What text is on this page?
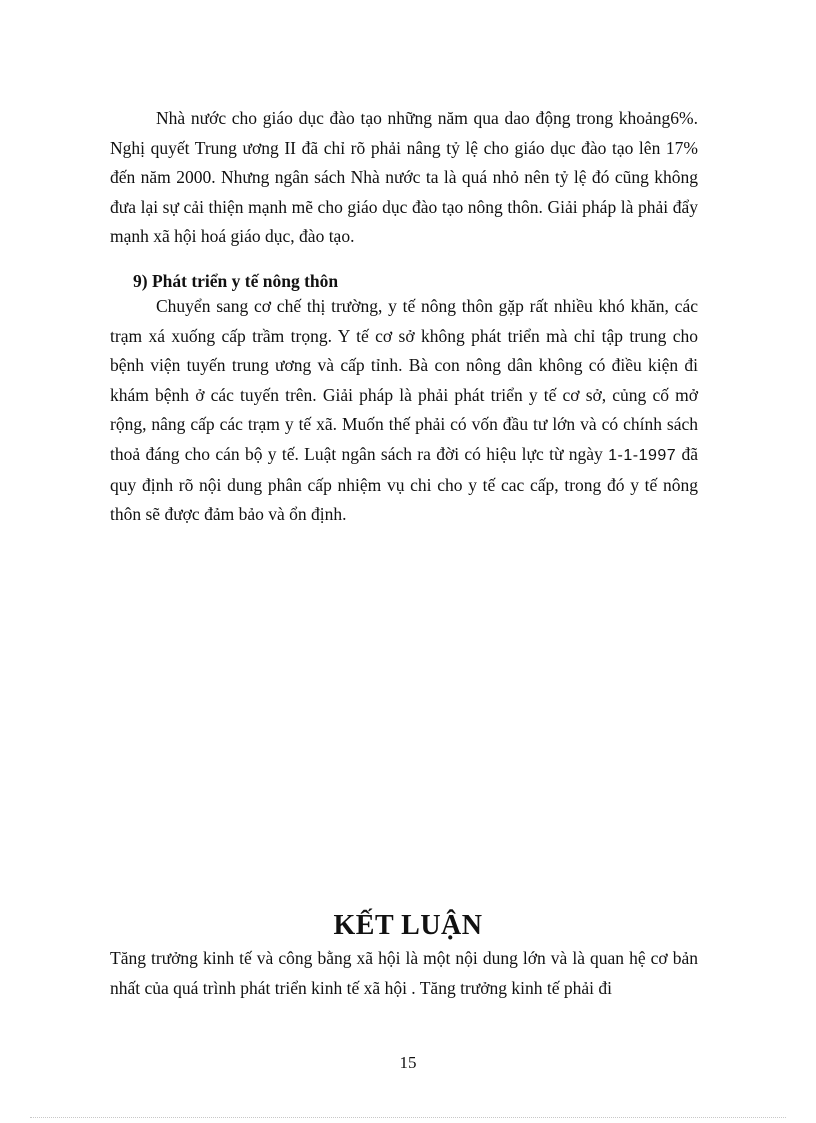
Nhà nước cho giáo dục đào tạo những năm qua dao động trong khoảng6%. Nghị quyết Trung ương II đã chỉ rõ phải nâng tỷ lệ cho giáo dục đào tạo lên 17% đến năm 2000. Nhưng ngân sách Nhà nước ta là quá nhỏ nên tỷ lệ đó cũng không đưa lại sự cải thiện mạnh mẽ cho giáo dục đào tạo nông thôn. Giải pháp là phải đẩy mạnh xã hội hoá giáo dục, đào tạo.

9) Phát triển y tế nông thôn

Chuyển sang cơ chế thị trường, y tế nông thôn gặp rất nhiều khó khăn, các trạm xá xuống cấp trầm trọng. Y tế cơ sở không phát triển mà chỉ tập trung cho bệnh viện tuyến trung ương và cấp tỉnh. Bà con nông dân không có điều kiện đi khám bệnh ở các tuyến trên. Giải pháp là phải phát triển y tế cơ sở, củng cố mở rộng, nâng cấp các trạm y tế xã. Muốn thế phải có vốn đầu tư lớn và có chính sách thoả đáng cho cán bộ y tế. Luật ngân sách ra đời có hiệu lực từ ngày 1-1-1997 đã quy định rõ nội dung phân cấp nhiệm vụ chi cho y tế cac cấp, trong đó y tế nông thôn sẽ được đảm bảo và ổn định.

KẾT LUẬN

Tăng trưởng kinh tế và công bằng xã hội là một nội dung lớn và là quan hệ cơ bản nhất của quá trình phát triển kinh tế xã hội . Tăng trưởng kinh tế phải đi

15
